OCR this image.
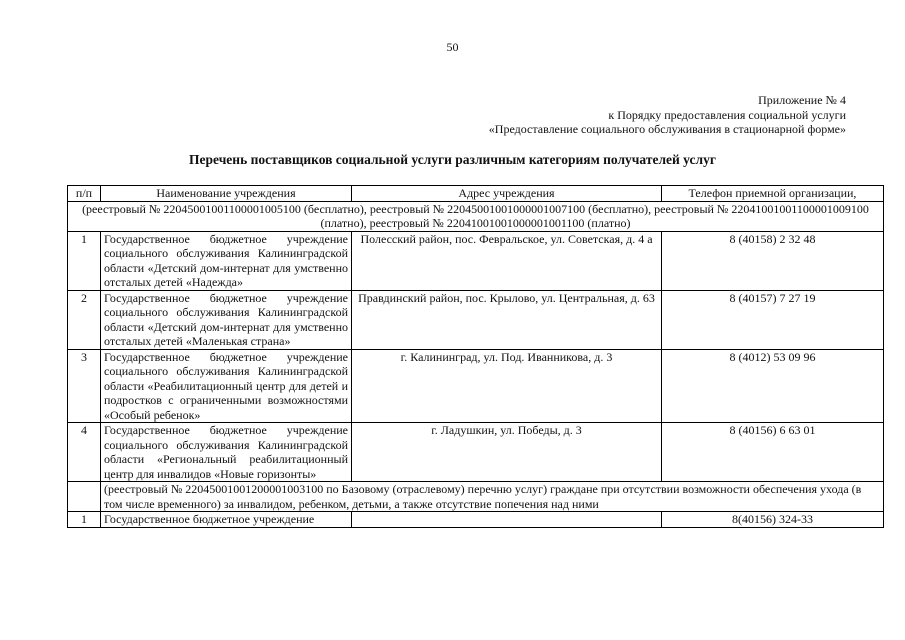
50
Приложение № 4
к Порядку предоставления социальной услуги
«Предоставление социального обслуживания в стационарной форме»
Перечень поставщиков социальной услуги различным категориям получателей услуг
п/п	Наименование учреждения	Адрес учреждения	Телефон приемной организации,
(реестровый № 22045001001100001005100 (бесплатно), реестровый № 22045001001000001007100 (бесплатно), реестровый № 22041001001100001009100 (платно), реестровый № 22041001001000001001100 (платно)			
1	Государственное бюджетное учреждение социального обслуживания Калининградской области «Детский дом-интернат для умственно отсталых детей «Надежда»	Полесский район, пос. Февральское, ул. Советская, д. 4 а	8 (40158) 2 32 48
2	Государственное бюджетное учреждение социального обслуживания Калининградской области «Детский дом-интернат для умственно отсталых детей «Маленькая страна»	Правдинский район, пос. Крылово, ул. Центральная, д. 63	8 (40157) 7 27 19
3	Государственное бюджетное учреждение социального обслуживания Калининградской области «Реабилитационный центр для детей и подростков с ограниченными возможностями «Особый ребенок»	г. Калининград, ул. Под. Иванникова, д. 3	8 (4012) 53 09 96
4	Государственное бюджетное учреждение социального обслуживания Калининградской области «Региональный реабилитационный центр для инвалидов «Новые горизонты»	г. Ладушкин, ул. Победы, д. 3	8 (40156) 6 63 01
	(реестровый № 22045001001200001003100 по Базовому (отраслевому) перечню услуг) граждане при отсутствии возможности обеспечения ухода (в том числе временного) за инвалидом, ребенком, детьми, а также отсутствие попечения над ними		
1	Государственное бюджетное учреждение		8(40156) 324-33
